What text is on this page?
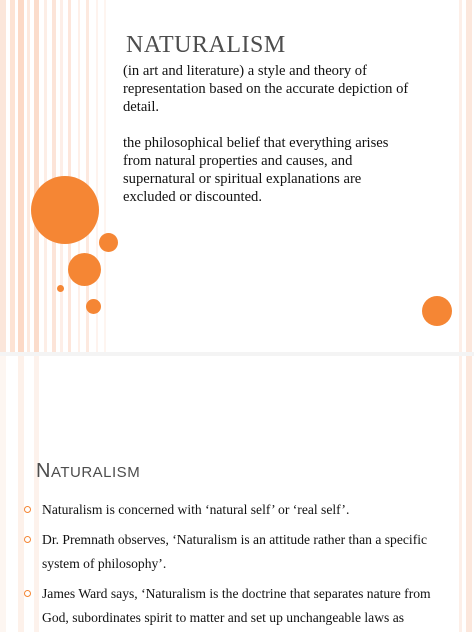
NATURALISM
(in art and literature) a style and theory of representation based on the accurate depiction of detail.
the philosophical belief that everything arises from natural properties and causes, and supernatural or spiritual explanations are excluded or discounted.
NATURALISM
Naturalism is concerned with ‘natural self’ or ‘real self’.
Dr. Premnath observes, ‘Naturalism is an attitude rather than a specific system of philosophy’.
James Ward says, ‘Naturalism is the doctrine that separates nature from God, subordinates spirit to matter and set up unchangeable laws as
